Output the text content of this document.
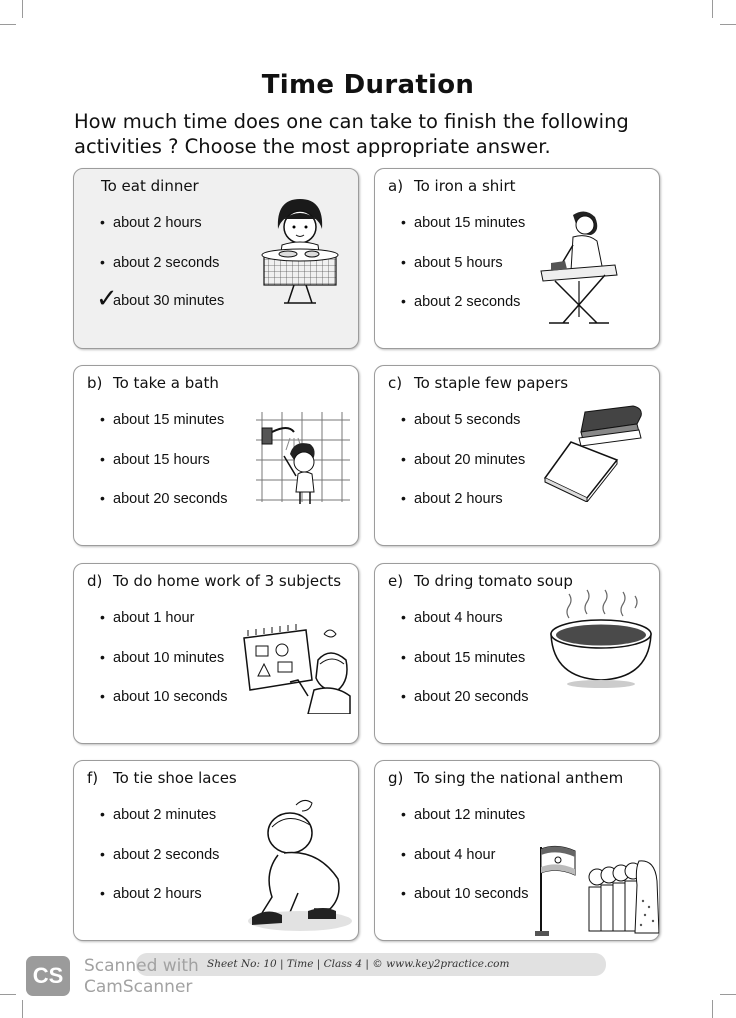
Time Duration
How much time does one can take to finish the following activities ? Choose the most appropriate answer.
To eat dinner
• about 2 hours
• about 2 seconds
✓
about 30 minutes
a) To iron a shirt
• about 15 minutes
• about 5 hours
• about 2 seconds
b) To take a bath
• about 15 minutes
• about 15 hours
• about 20 seconds
c) To staple few papers
• about 5 seconds
• about 20 minutes
• about 2 hours
d) To do home work of 3 subjects
• about 1 hour
• about 10 minutes
• about 10 seconds
e) To dring tomato soup
• about 4 hours
• about 15 minutes
• about 20 seconds
f) To tie shoe laces
• about 2 minutes
• about 2 seconds
• about 2 hours
g) To sing the national anthem
• about 12 minutes
• about 4 hour
• about 10 seconds
Sheet No: 10 | Time | Class 4 | © www.key2practice.com
CS	Scanned with
CamScanner
